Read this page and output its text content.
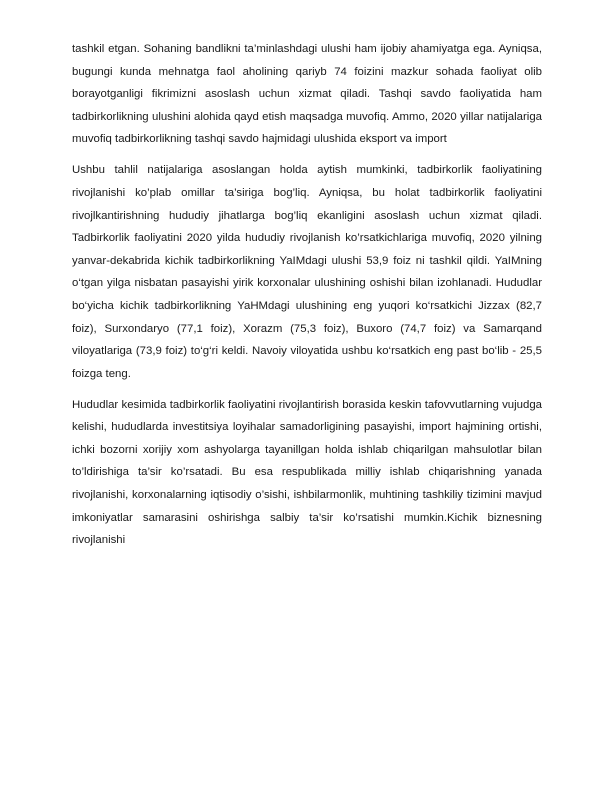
tashkil etgan. Sohaning bandlikni ta’minlashdagi ulushi ham ijobiy ahamiyatga ega. Ayniqsa, bugungi kunda mehnatga faol aholining qariyb 74 foizini mazkur sohada faoliyat olib borayotganligi fikrimizni asoslash uchun xizmat qiladi. Tashqi savdo faoliyatida ham tadbirkorlikning ulushini alohida qayd etish maqsadga muvofiq. Ammo, 2020 yillar natijalariga muvofiq tadbirkorlikning tashqi savdo hajmidagi ulushida eksport va import

Ushbu tahlil natijalariga asoslangan holda aytish mumkinki, tadbirkorlik faoliyatining rivojlanishi ko’plab omillar ta’siriga bog’liq. Ayniqsa, bu holat tadbirkorlik faoliyatini rivojlkantirishning hududiy jihatlarga bog’liq ekanligini asoslash uchun xizmat qiladi. Tadbirkorlik faoliyatini 2020 yilda hududiy rivojlanish ko’rsatkichlariga muvofiq, 2020 yilning yanvar-dekabrida kichik tadbirkorlikning YaIMdagi ulushi 53,9 foiz ni tashkil qildi. YaIMning o‘tgan yilga nisbatan pasayishi yirik korxonalar ulushining oshishi bilan izohlanadi. Hududlar bo‘yicha kichik tadbirkorlikning YaHMdagi ulushining eng yuqori ko‘rsatkichi Jizzax (82,7 foiz), Surxondaryo (77,1 foiz), Xorazm (75,3 foiz), Buxoro (74,7 foiz) va Samarqand viloyatlariga (73,9 foiz) to‘g‘ri keldi. Navoiy viloyatida ushbu ko‘rsatkich eng past bo‘lib - 25,5 foizga teng.

Hududlar kesimida tadbirkorlik faoliyatini rivojlantirish borasida keskin tafovvutlarning vujudga kelishi, hududlarda investitsiya loyihalar samadorligining pasayishi, import hajmining ortishi, ichki bozorni xorijiy xom ashyolarga tayanillgan holda ishlab chiqarilgan mahsulotlar bilan to’ldirishiga ta’sir ko’rsatadi. Bu esa respublikada milliy ishlab chiqarishning yanada rivojlanishi, korxonalarning iqtisodiy o’sishi, ishbilarmonlik, muhtining tashkiliy tizimini mavjud imkoniyatlar samarasini oshirishga salbiy ta’sir ko’rsatishi mumkin.Kichik biznesning rivojlanishi
